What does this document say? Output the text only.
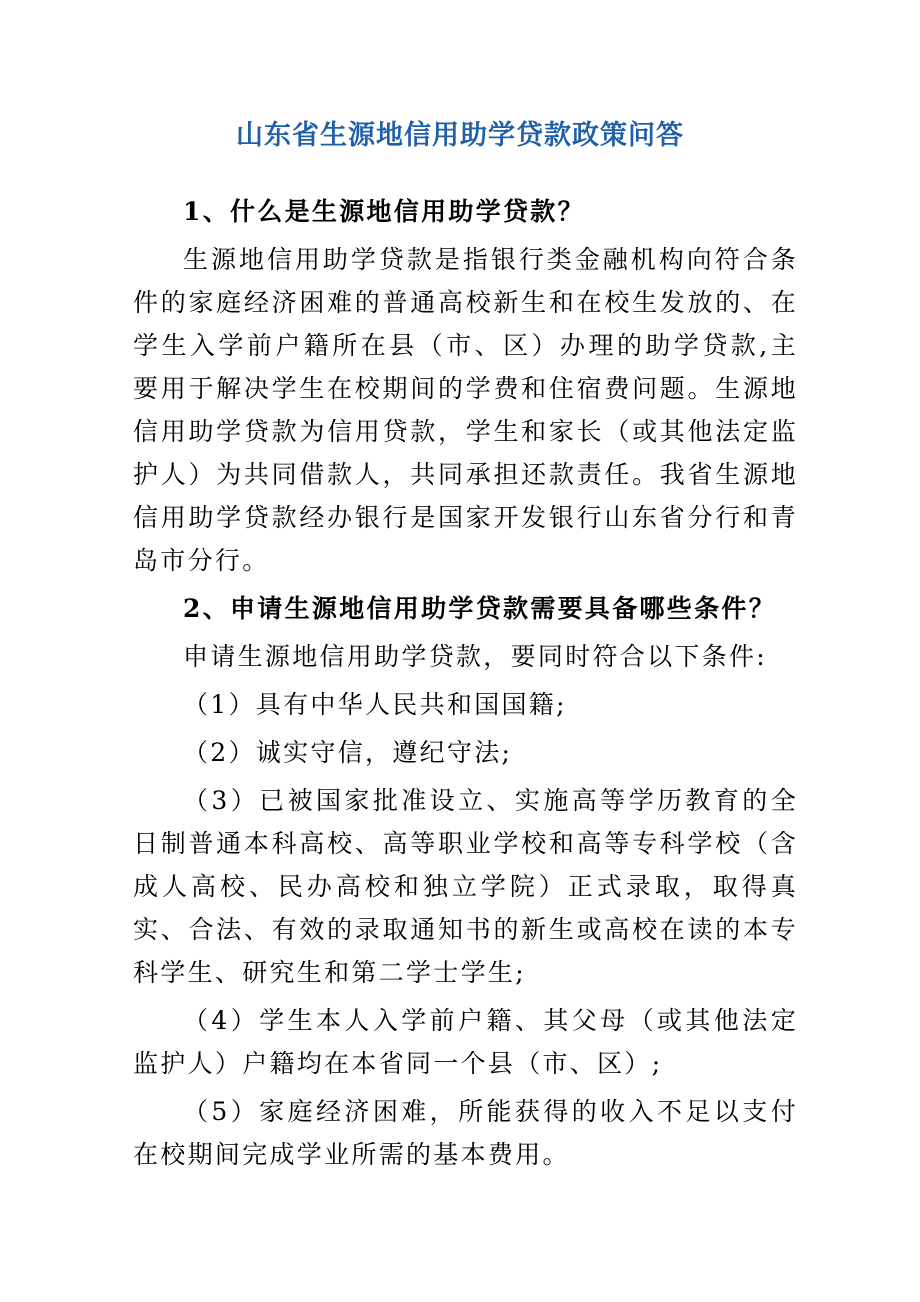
山东省生源地信用助学贷款政策问答

1、什么是生源地信用助学贷款？

生源地信用助学贷款是指银行类金融机构向符合条件的家庭经济困难的普通高校新生和在校生发放的、在学生入学前户籍所在县（市、区）办理的助学贷款,主要用于解决学生在校期间的学费和住宿费问题。生源地信用助学贷款为信用贷款，学生和家长（或其他法定监护人）为共同借款人，共同承担还款责任。我省生源地信用助学贷款经办银行是国家开发银行山东省分行和青岛市分行。

2、申请生源地信用助学贷款需要具备哪些条件？

申请生源地信用助学贷款，要同时符合以下条件:

（1）具有中华人民共和国国籍;

（2）诚实守信，遵纪守法;

（3）已被国家批准设立、实施高等学历教育的全日制普通本科高校、高等职业学校和高等专科学校（含成人高校、民办高校和独立学院）正式录取，取得真实、合法、有效的录取通知书的新生或高校在读的本专科学生、研究生和第二学士学生;

（4）学生本人入学前户籍、其父母（或其他法定监护人）户籍均在本省同一个县（市、区）;

（5）家庭经济困难，所能获得的收入不足以支付在校期间完成学业所需的基本费用。
